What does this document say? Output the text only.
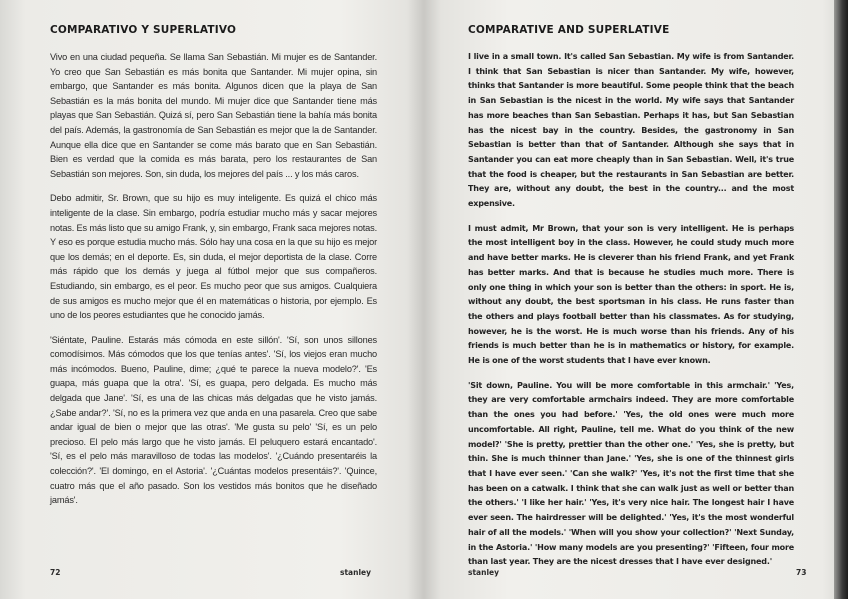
COMPARATIVO Y SUPERLATIVO

Vivo en una ciudad pequeña. Se llama San Sebastián. Mi mujer es de Santander. Yo creo que San Sebastián es más bonita que Santander. Mi mujer opina, sin embargo, que Santander es más bonita. Algunos dicen que la playa de San Sebastián es la más bonita del mundo. Mi mujer dice que Santander tiene más playas que San Sebastián. Quizá sí, pero San Sebastián tiene la bahía más bonita del país. Además, la gastronomía de San Sebastián es mejor que la de Santander. Aunque ella dice que en Santander se come más barato que en San Sebastián. Bien es verdad que la comida es más barata, pero los restaurantes de San Sebastián son mejores. Son, sin duda, los mejores del país ... y los más caros.

Debo admitir, Sr. Brown, que su hijo es muy inteligente. Es quizá el chico más inteligente de la clase. Sin embargo, podría estudiar mucho más y sacar mejores notas. Es más listo que su amigo Frank, y, sin embargo, Frank saca mejores notas. Y eso es porque estudia mucho más. Sólo hay una cosa en la que su hijo es mejor que los demás; en el deporte. Es, sin duda, el mejor deportista de la clase. Corre más rápido que los demás y juega al fútbol mejor que sus compañeros. Estudiando, sin embargo, es el peor. Es mucho peor que sus amigos. Cualquiera de sus amigos es mucho mejor que él en matemáticas o historia, por ejemplo. Es uno de los peores estudiantes que he conocido jamás.

'Siéntate, Pauline. Estarás más cómoda en este sillón'. 'Sí, son unos sillones comodísimos. Más cómodos que los que tenías antes'. 'Sí, los viejos eran mucho más incómodos. Bueno, Pauline, dime; ¿qué te parece la nueva modelo?'. 'Es guapa, más guapa que la otra'. 'Sí, es guapa, pero delgada. Es mucho más delgada que Jane'. 'Sí, es una de las chicas más delgadas que he visto jamás. ¿Sabe andar?'. 'Sí, no es la primera vez que anda en una pasarela. Creo que sabe andar igual de bien o mejor que las otras'. 'Me gusta su pelo' 'Sí, es un pelo precioso. El pelo más largo que he visto jamás. El peluquero estará encantado'. 'Sí, es el pelo más maravilloso de todas las modelos'. '¿Cuándo presentaréis la colección?'. 'El domingo, en el Astoria'. '¿Cuántas modelos presentáis?'. 'Quince, cuatro más que el año pasado. Son los vestidos más bonitos que he diseñado jamás'.

72	stanley
COMPARATIVE AND SUPERLATIVE

I live in a small town. It's called San Sebastian. My wife is from Santander. I think that San Sebastian is nicer than Santander. My wife, however, thinks that Santander is more beautiful. Some people think that the beach in San Sebastian is the nicest in the world. My wife says that Santander has more beaches than San Sebastian. Perhaps it has, but San Sebastian has the nicest bay in the country. Besides, the gastronomy in San Sebastian is better than that of Santander. Although she says that in Santander you can eat more cheaply than in San Sebastian. Well, it's true that the food is cheaper, but the restaurants in San Sebastian are better. They are, without any doubt, the best in the country... and the most expensive.

I must admit, Mr Brown, that your son is very intelligent. He is perhaps the most intelligent boy in the class. However, he could study much more and have better marks. He is cleverer than his friend Frank, and yet Frank has better marks. And that is because he studies much more. There is only one thing in which your son is better than the others: in sport. He is, without any doubt, the best sportsman in his class. He runs faster than the others and plays football better than his classmates. As for studying, however, he is the worst. He is much worse than his friends. Any of his friends is much better than he is in mathematics or history, for example. He is one of the worst students that I have ever known.

'Sit down, Pauline. You will be more comfortable in this armchair.' 'Yes, they are very comfortable armchairs indeed. They are more comfortable than the ones you had before.' 'Yes, the old ones were much more uncomfortable. All right, Pauline, tell me. What do you think of the new model?' 'She is pretty, prettier than the other one.' 'Yes, she is pretty, but thin. She is much thinner than Jane.' 'Yes, she is one of the thinnest girls that I have ever seen.' 'Can she walk?' 'Yes, it's not the first time that she has been on a catwalk. I think that she can walk just as well or better than the others.' 'I like her hair.' 'Yes, it's very nice hair. The longest hair I have ever seen. The hairdresser will be delighted.' 'Yes, it's the most wonderful hair of all the models.' 'When will you show your collection?' 'Next Sunday, in the Astoria.' 'How many models are you presenting?' 'Fifteen, four more than last year. They are the nicest dresses that I have ever designed.'

stanley	73
